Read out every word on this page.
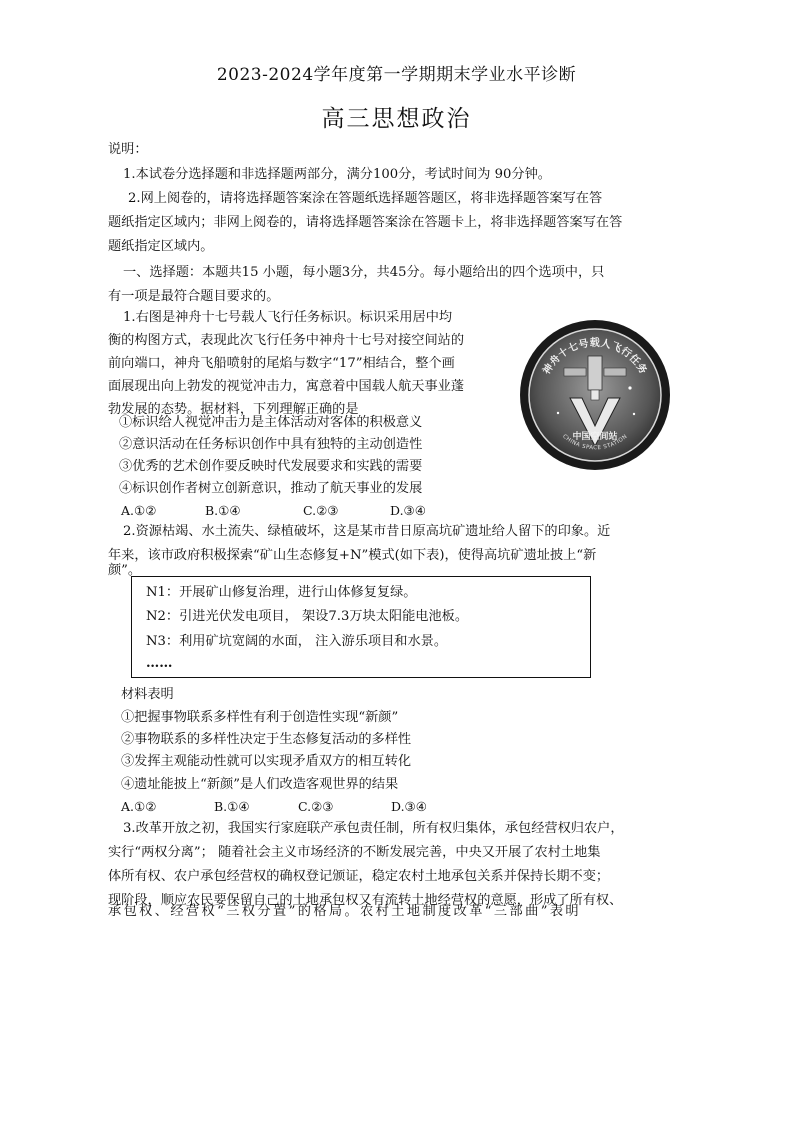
2023-2024学年度第一学期期末学业水平诊断
高三思想政治
说明：
1.本试卷分选择题和非选择题两部分，满分100分，考试时间为 90分钟。
2.网上阅卷的，请将选择题答案涂在答题纸选择题答题区，将非选择题答案写在答
题纸指定区域内；非网上阅卷的，请将选择题答案涂在答题卡上，将非选择题答案写在答
题纸指定区域内。
一、选择题：本题共15 小题，每小题3分，共45分。每小题给出的四个选项中，只
有一项是最符合题目要求的。
1.右图是神舟十七号载人飞行任务标识。标识采用居中均
衡的构图方式，表现此次飞行任务中神舟十七号对接空间站的
前向端口，神舟飞船喷射的尾焰与数字“17”相结合，整个画
面展现出向上勃发的视觉冲击力，寓意着中国载人航天事业蓬
勃发展的态势。据材料，下列理解正确的是
①标识给人视觉冲击力是主体活动对客体的积极意义
②意识活动在任务标识创作中具有独特的主动创造性
③优秀的艺术创作要反映时代发展要求和实践的需要
④标识创作者树立创新意识，推动了航天事业的发展
A.①②	B.①④	C.②③	D.③④
神舟十七号载人飞行任务
中国空间站
CHINA SPACE STATION
2.资源枯竭、水土流失、绿植破坏，这是某市昔日原高坑矿遗址给人留下的印象。近
年来，该市政府积极探索“矿山生态修复+N”模式(如下表)，使得高坑矿遗址披上“新
颜”。
N1：开展矿山修复治理，进行山体修复复绿。
N2：引进光伏发电项目， 架设7.3万块太阳能电池板。
N3：利用矿坑宽阔的水面， 注入游乐项目和水景。
……
材料表明
①把握事物联系多样性有利于创造性实现“新颜”
②事物联系的多样性决定于生态修复活动的多样性
③发挥主观能动性就可以实现矛盾双方的相互转化
④遗址能披上“新颜”是人们改造客观世界的结果
A.①②	B.①④	C.②③	D.③④
3.改革开放之初，我国实行家庭联产承包责任制，所有权归集体，承包经营权归农户，
实行“两权分离”； 随着社会主义市场经济的不断发展完善，中央又开展了农村土地集
体所有权、农户承包经营权的确权登记颁证，稳定农村土地承包关系并保持长期不变；
现阶段，顺应农民要保留自己的土地承包权又有流转土地经营权的意愿，形成了所有权、
承包权、经营权“三权分置”的格局。农村土地制度改革“三部曲”表明
